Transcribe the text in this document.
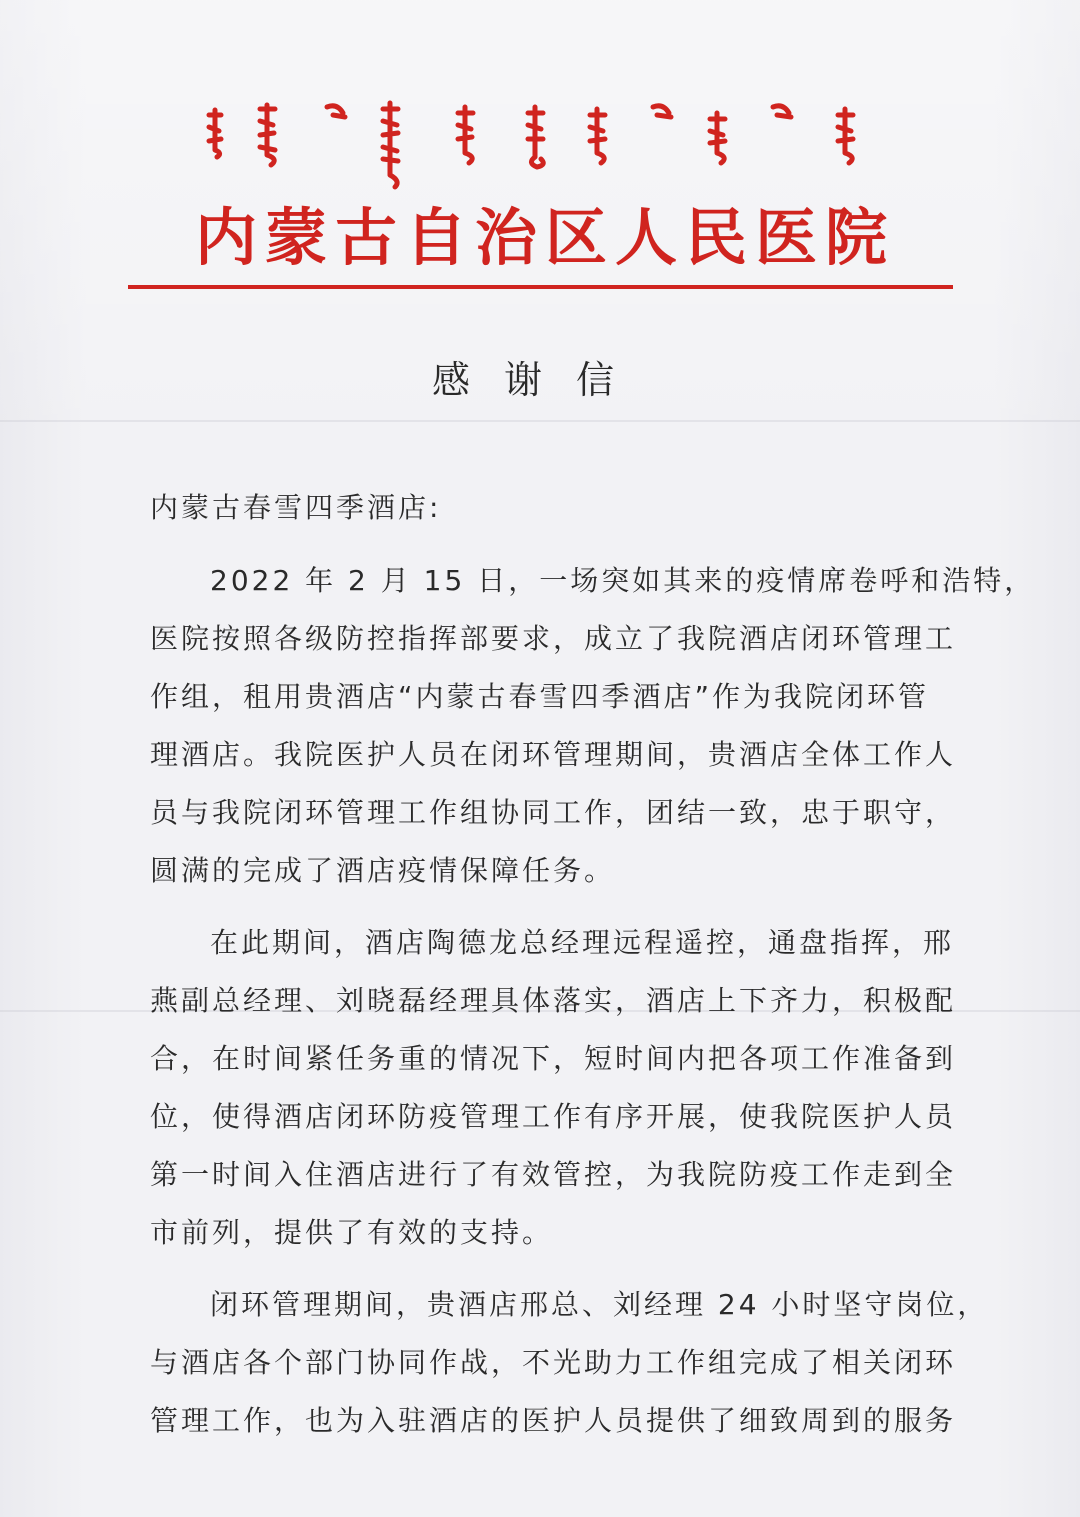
内蒙古自治区人民医院
感谢信

内蒙古春雪四季酒店:

2022 年 2 月 15 日，一场突如其来的疫情席卷呼和浩特，
医院按照各级防控指挥部要求，成立了我院酒店闭环管理工
作组，租用贵酒店“内蒙古春雪四季酒店”作为我院闭环管
理酒店。我院医护人员在闭环管理期间，贵酒店全体工作人
员与我院闭环管理工作组协同工作，团结一致，忠于职守，
圆满的完成了酒店疫情保障任务。
在此期间，酒店陶德龙总经理远程遥控，通盘指挥，邢
燕副总经理、刘晓磊经理具体落实，酒店上下齐力，积极配
合，在时间紧任务重的情况下，短时间内把各项工作准备到
位，使得酒店闭环防疫管理工作有序开展，使我院医护人员
第一时间入住酒店进行了有效管控，为我院防疫工作走到全
市前列，提供了有效的支持。
闭环管理期间，贵酒店邢总、刘经理 24 小时坚守岗位，
与酒店各个部门协同作战，不光助力工作组完成了相关闭环
管理工作，也为入驻酒店的医护人员提供了细致周到的服务
